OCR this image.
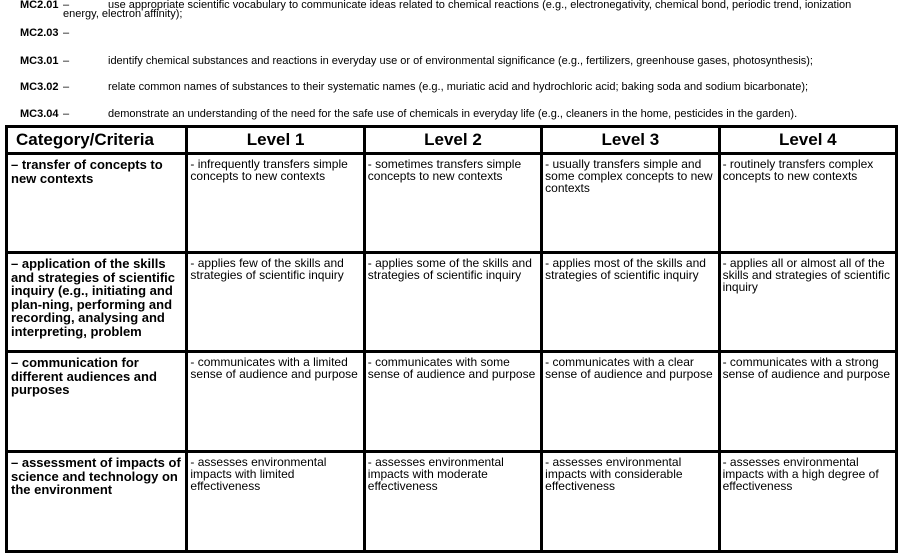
MC2.01 –	use appropriate scientific vocabulary to communicate ideas related to chemical reactions (e.g., electronegativity, chemical bond, periodic trend, ionization
energy, electron affinity);
MC2.03 –
MC3.01 –	identify chemical substances and reactions in everyday use or of environmental significance (e.g., fertilizers, greenhouse gases, photosynthesis);
MC3.02 –	relate common names of substances to their systematic names (e.g., muriatic acid and hydrochloric acid; baking soda and sodium bicarbonate);
MC3.04 –	demonstrate an understanding of the need for the safe use of chemicals in everyday life (e.g., cleaners in the home, pesticides in the garden).
Category/Criteria	Level 1	Level 2	Level 3	Level 4

– transfer of concepts to new contexts	- infrequently transfers simple concepts to new contexts	- sometimes transfers simple concepts to new contexts	- usually transfers simple and some complex concepts to new contexts	- routinely transfers complex concepts to new contexts

– application of the skills and strategies of scientific inquiry (e.g., initiating and plan-ning, performing and recording, analysing and interpreting, problem	- applies few of the skills and strategies of scientific inquiry	- applies some of the skills and strategies of scientific inquiry	- applies most of the skills and strategies of scientific inquiry	- applies all or almost all of the skills and strategies of scientific inquiry

– communication for different audiences and purposes	- communicates with a limited sense of audience and purpose	- communicates with some sense of audience and purpose	- communicates with a clear sense of audience and purpose	- communicates with a strong sense of audience and purpose

– assessment of impacts of science and technology on the environment	- assesses environmental impacts with limited effectiveness	- assesses environmental impacts with moderate effectiveness	- assesses environmental impacts with considerable effectiveness	- assesses environmental impacts with a high degree of effectiveness
